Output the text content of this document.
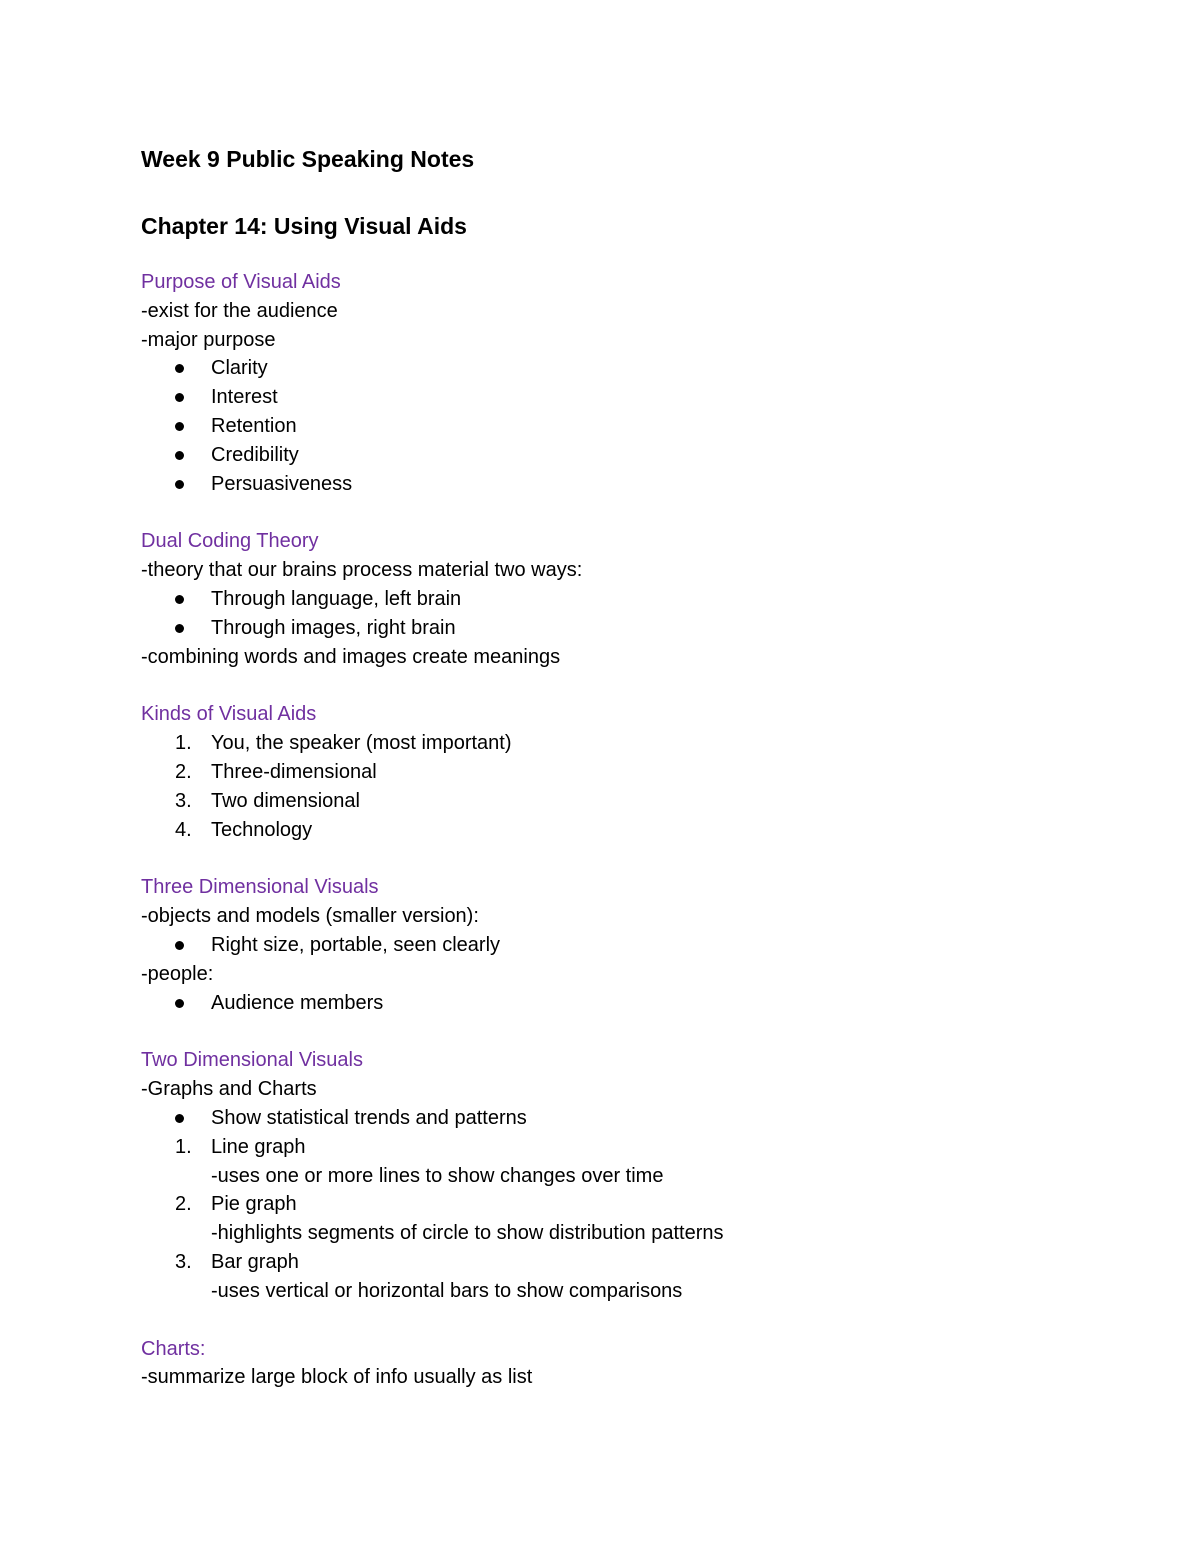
Week 9 Public Speaking Notes
Chapter 14: Using Visual Aids
Purpose of Visual Aids
-exist for the audience
-major purpose
Clarity
Interest
Retention
Credibility
Persuasiveness
Dual Coding Theory
-theory that our brains process material two ways:
Through language, left brain
Through images, right brain
-combining words and images create meanings
Kinds of Visual Aids
1. You, the speaker (most important)
2. Three-dimensional
3. Two dimensional
4. Technology
Three Dimensional Visuals
-objects and models (smaller version):
Right size, portable, seen clearly
-people:
Audience members
Two Dimensional Visuals
-Graphs and Charts
Show statistical trends and patterns
1. Line graph
-uses one or more lines to show changes over time
2. Pie graph
-highlights segments of circle to show distribution patterns
3. Bar graph
-uses vertical or horizontal bars to show comparisons
Charts:
-summarize large block of info usually as list
